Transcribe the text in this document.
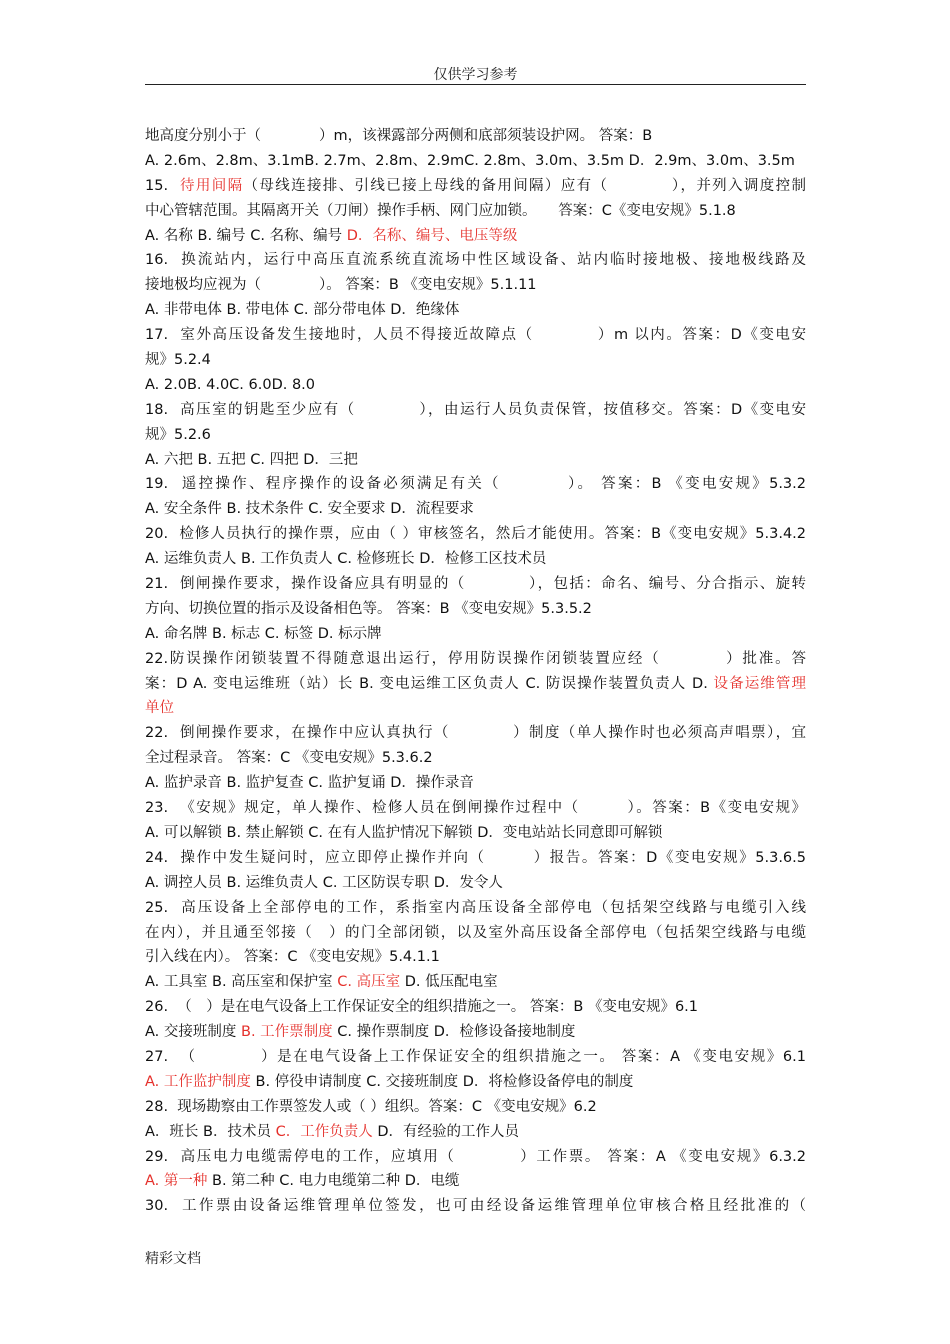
仅供学习参考
地高度分别小于（　　　　）m，该裸露部分两侧和底部须装设护网。 答案：B
A. 2.6m、2.8m、3.1mB. 2.7m、2.8m、2.9mC. 2.8m、3.0m、3.5m D．2.9m、3.0m、3.5m
15.  待用间隔（母线连接排、引线已接上母线的备用间隔）应有（　　　　），并列入调度控制
中心管辖范围。其隔离开关（刀闸）操作手柄、网门应加锁。　　答案：C《变电安规》5.1.8
A. 名称 B. 编号 C. 名称、编号 D．名称、编号、电压等级
16.  换流站内，运行中高压直流系统直流场中性区域设备、站内临时接地极、接地极线路及
接地极均应视为（　　　　）。 答案：B 《变电安规》5.1.11
A. 非带电体 B. 带电体 C. 部分带电体 D．绝缘体
17.  室外高压设备发生接地时，人员不得接近故障点（　　　　）m 以内。答案：D《变电安
规》5.2.4
A. 2.0B. 4.0C. 6.0D. 8.0
18.  高压室的钥匙至少应有（　　　　），由运行人员负责保管，按值移交。答案：D《变电安
规》5.2.6
A. 六把 B. 五把 C. 四把 D．三把
19.  遥控操作、程序操作的设备必须满足有关（　　　　）。 答案：B 《变电安规》5.3.2
A. 安全条件 B. 技术条件 C. 安全要求 D．流程要求
20.  检修人员执行的操作票，应由（ ）审核签名，然后才能使用。答案：B《变电安规》5.3.4.2
A. 运维负责人 B. 工作负责人 C. 检修班长 D．检修工区技术员
21.  倒闸操作要求，操作设备应具有明显的（　　　　），包括：命名、编号、分合指示、旋转
方向、切换位置的指示及设备相色等。 答案：B 《变电安规》5.3.5.2
A. 命名牌 B. 标志 C. 标签 D. 标示牌
22.防误操作闭锁装置不得随意退出运行，停用防误操作闭锁装置应经（　　　　）批准。答
案：D A. 变电运维班（站）长 B. 变电运维工区负责人 C. 防误操作装置负责人 D. 设备运维管理
单位
22.  倒闸操作要求，在操作中应认真执行（　　　　）制度（单人操作时也必须高声唱票），宜
全过程录音。 答案：C 《变电安规》5.3.6.2
A. 监护录音 B. 监护复查 C. 监护复诵 D．操作录音
23.  《安规》规定，单人操作、检修人员在倒闸操作过程中（　　　）。答案：B《变电安规》
A. 可以解锁 B. 禁止解锁 C. 在有人监护情况下解锁 D．变电站站长同意即可解锁
24.  操作中发生疑问时，应立即停止操作并向（　　　）报告。答案：D《变电安规》5.3.6.5
A. 调控人员 B. 运维负责人 C. 工区防误专职 D．发令人
25.  高压设备上全部停电的工作，系指室内高压设备全部停电（包括架空线路与电缆引入线
在内），并且通至邻接（　）的门全部闭锁，以及室外高压设备全部停电（包括架空线路与电缆
引入线在内）。 答案：C 《变电安规》5.4.1.1
A. 工具室 B. 高压室和保护室 C. 高压室 D. 低压配电室
26.  （　）是在电气设备上工作保证安全的组织措施之一。 答案：B 《变电安规》6.1
A. 交接班制度 B. 工作票制度 C. 操作票制度 D．检修设备接地制度
27.  （　　　　）是在电气设备上工作保证安全的组织措施之一。 答案：A 《变电安规》6.1
A. 工作监护制度 B. 停役申请制度 C. 交接班制度 D．将检修设备停电的制度
28.  现场勘察由工作票签发人或（ ）组织。答案：C 《变电安规》6.2
A．班长 B．技术员 C．工作负责人 D．有经验的工作人员
29.  高压电力电缆需停电的工作，应填用（　　　　）工作票。 答案：A 《变电安规》6.3.2
A. 第一种 B. 第二种 C. 电力电缆第二种 D．电缆
30.  工作票由设备运维管理单位签发，也可由经设备运维管理单位审核合格且经批准的（
精彩文档
